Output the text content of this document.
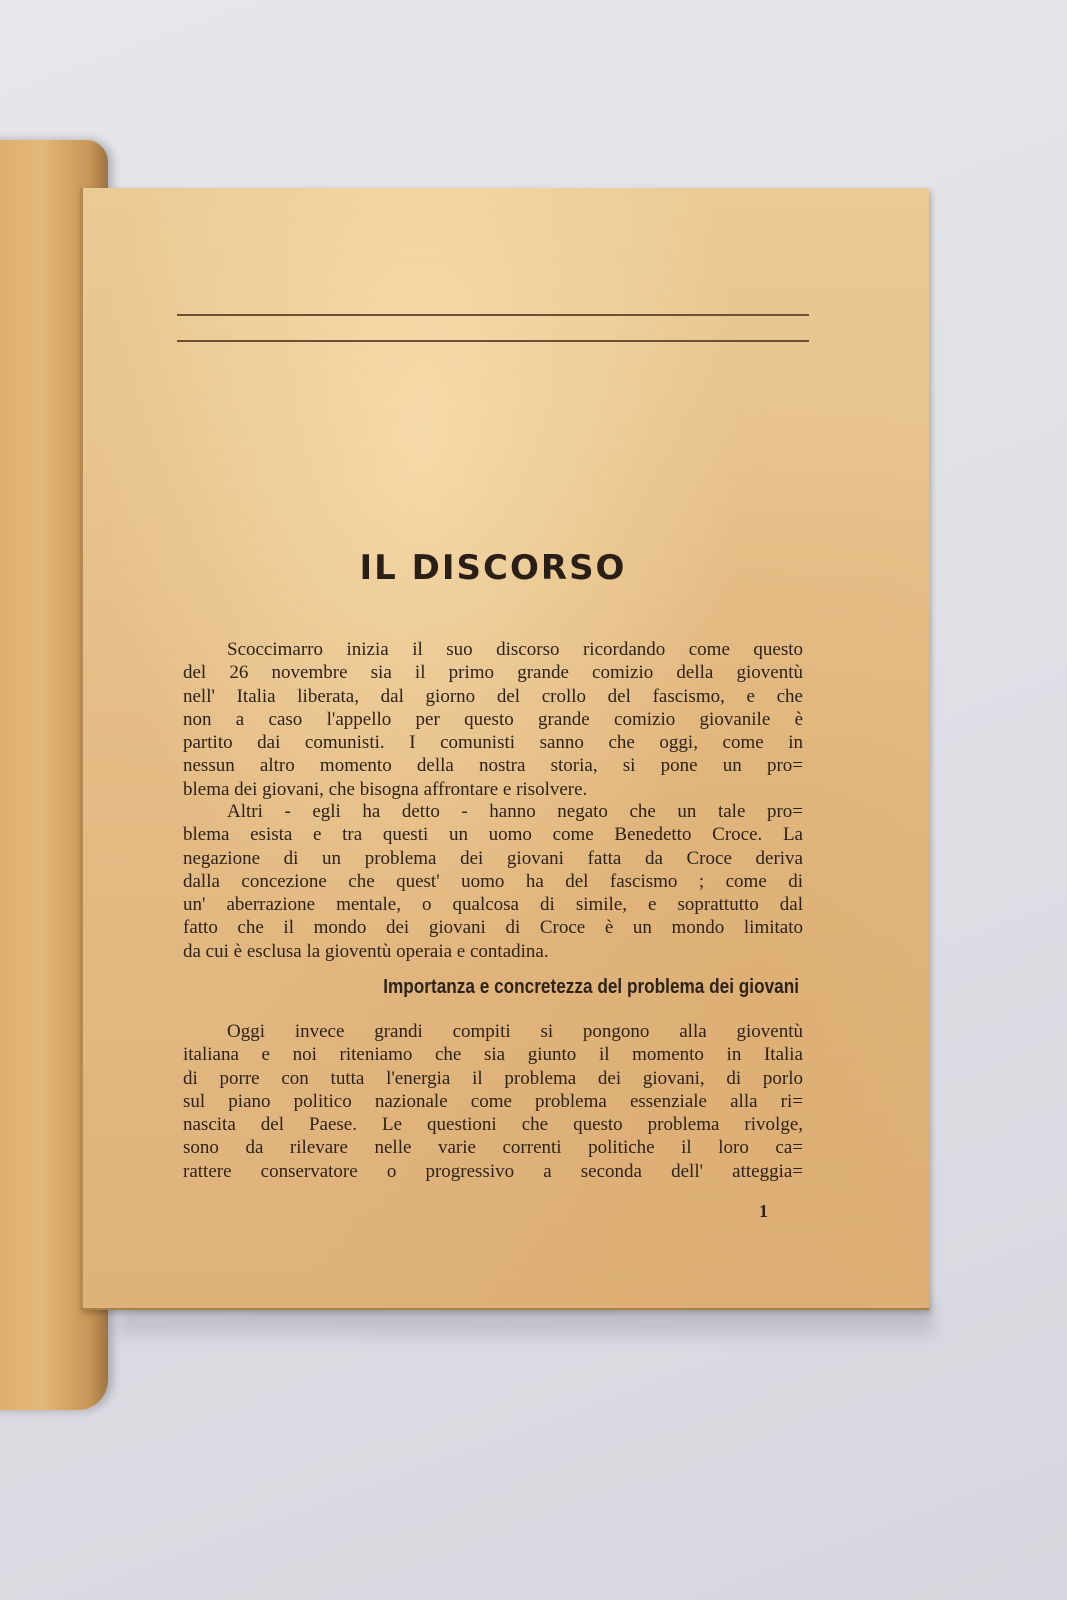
IL DISCORSO
Scoccimarro inizia il suo discorso ricordando come questo
del 26 novembre sia il primo grande comizio della gioventù
nell' Italia liberata, dal giorno del crollo del fascismo, e che
non a caso l'appello per questo grande comizio giovanile è
partito dai comunisti. I comunisti sanno che oggi, come in
nessun altro momento della nostra storia, si pone un pro=
blema dei giovani, che bisogna affrontare e risolvere.
Altri - egli ha detto - hanno negato che un tale pro=
blema esista e tra questi un uomo come Benedetto Croce. La
negazione di un problema dei giovani fatta da Croce deriva
dalla concezione che quest' uomo ha del fascismo ; come di
un' aberrazione mentale, o qualcosa di simile, e soprattutto dal
fatto che il mondo dei giovani di Croce è un mondo limitato
da cui è esclusa la gioventù operaia e contadina.
Importanza e concretezza del problema dei giovani
Oggi invece grandi compiti si pongono alla gioventù
italiana e noi riteniamo che sia giunto il momento in Italia
di porre con tutta l'energia il problema dei giovani, di porlo
sul piano politico nazionale come problema essenziale alla ri=
nascita del Paese. Le questioni che questo problema rivolge,
sono da rilevare nelle varie correnti politiche il loro ca=
rattere conservatore o progressivo a seconda dell' atteggia=
1
